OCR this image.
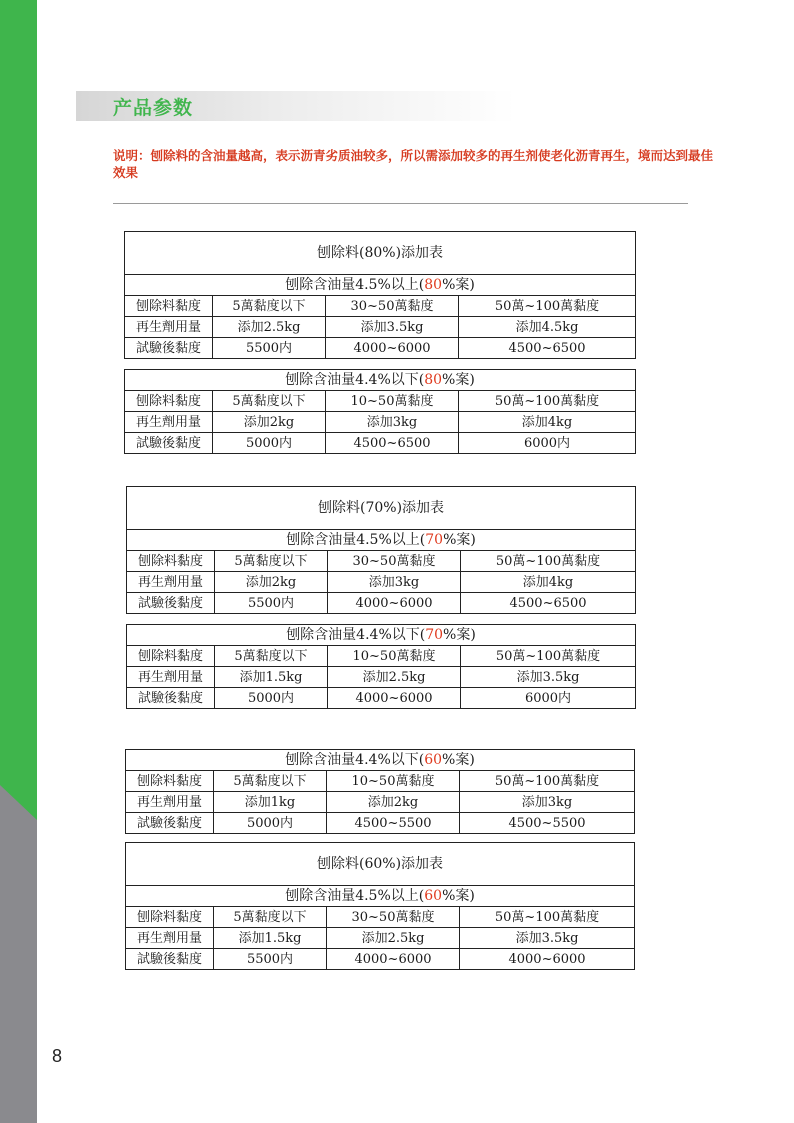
8
产品参数
说明：刨除料的含油量越高，表示沥青劣质油较多，所以需添加较多的再生剂使老化沥青再生，境而达到最佳效果
刨除料(80%)添加表			
刨除含油量4.5%以上(80%案)			
刨除料黏度	5萬黏度以下	30~50萬黏度	50萬~100萬黏度
再生劑用量	添加2.5kg	添加3.5kg	添加4.5kg
試驗後黏度	5500内	4000~6000	4500~6500
刨除含油量4.4%以下(80%案)			
刨除料黏度	5萬黏度以下	10~50萬黏度	50萬~100萬黏度
再生劑用量	添加2kg	添加3kg	添加4kg
試驗後黏度	5000内	4500~6500	6000内
刨除料(70%)添加表			
刨除含油量4.5%以上(70%案)			
刨除料黏度	5萬黏度以下	30~50萬黏度	50萬~100萬黏度
再生劑用量	添加2kg	添加3kg	添加4kg
試驗後黏度	5500内	4000~6000	4500~6500
刨除含油量4.4%以下(70%案)			
刨除料黏度	5萬黏度以下	10~50萬黏度	50萬~100萬黏度
再生劑用量	添加1.5kg	添加2.5kg	添加3.5kg
試驗後黏度	5000内	4000~6000	6000内
刨除含油量4.4%以下(60%案)			
刨除料黏度	5萬黏度以下	10~50萬黏度	50萬~100萬黏度
再生劑用量	添加1kg	添加2kg	添加3kg
試驗後黏度	5000内	4500~5500	4500~5500
刨除料(60%)添加表			
刨除含油量4.5%以上(60%案)			
刨除料黏度	5萬黏度以下	30~50萬黏度	50萬~100萬黏度
再生劑用量	添加1.5kg	添加2.5kg	添加3.5kg
試驗後黏度	5500内	4000~6000	4000~6000
